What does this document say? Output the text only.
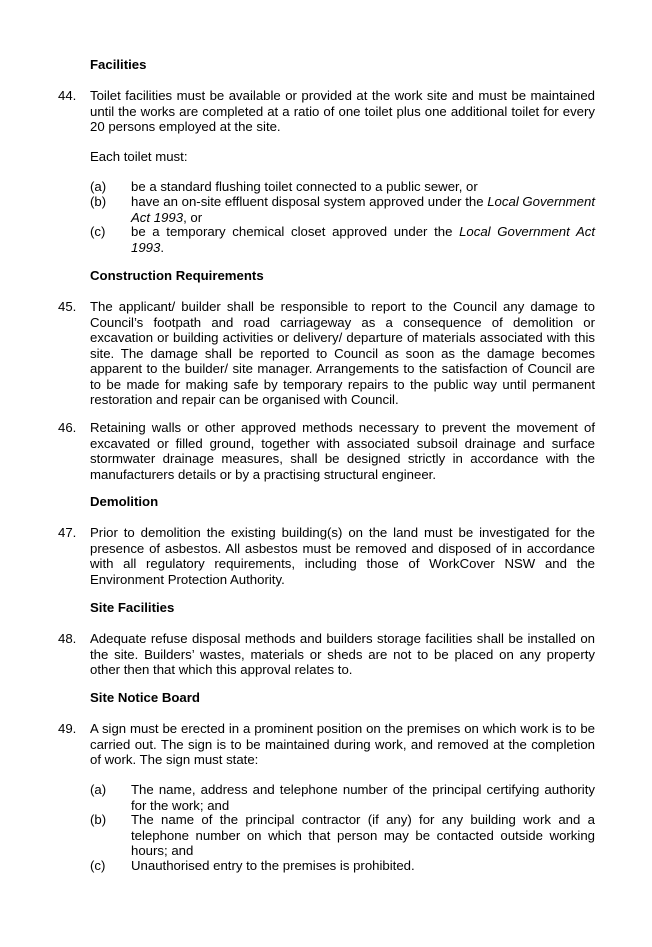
Facilities
44. Toilet facilities must be available or provided at the work site and must be maintained until the works are completed at a ratio of one toilet plus one additional toilet for every 20 persons employed at the site.
Each toilet must:
(a) be a standard flushing toilet connected to a public sewer, or
(b) have an on-site effluent disposal system approved under the Local Government Act 1993, or
(c) be a temporary chemical closet approved under the Local Government Act 1993.
Construction Requirements
45. The applicant/ builder shall be responsible to report to the Council any damage to Council’s footpath and road carriageway as a consequence of demolition or excavation or building activities or delivery/ departure of materials associated with this site. The damage shall be reported to Council as soon as the damage becomes apparent to the builder/ site manager. Arrangements to the satisfaction of Council are to be made for making safe by temporary repairs to the public way until permanent restoration and repair can be organised with Council.
46. Retaining walls or other approved methods necessary to prevent the movement of excavated or filled ground, together with associated subsoil drainage and surface stormwater drainage measures, shall be designed strictly in accordance with the manufacturers details or by a practising structural engineer.
Demolition
47. Prior to demolition the existing building(s) on the land must be investigated for the presence of asbestos. All asbestos must be removed and disposed of in accordance with all regulatory requirements, including those of WorkCover NSW and the Environment Protection Authority.
Site Facilities
48. Adequate refuse disposal methods and builders storage facilities shall be installed on the site. Builders’ wastes, materials or sheds are not to be placed on any property other then that which this approval relates to.
Site Notice Board
49. A sign must be erected in a prominent position on the premises on which work is to be carried out. The sign is to be maintained during work, and removed at the completion of work. The sign must state:
(a) The name, address and telephone number of the principal certifying authority for the work; and
(b) The name of the principal contractor (if any) for any building work and a telephone number on which that person may be contacted outside working hours; and
(c) Unauthorised entry to the premises is prohibited.
